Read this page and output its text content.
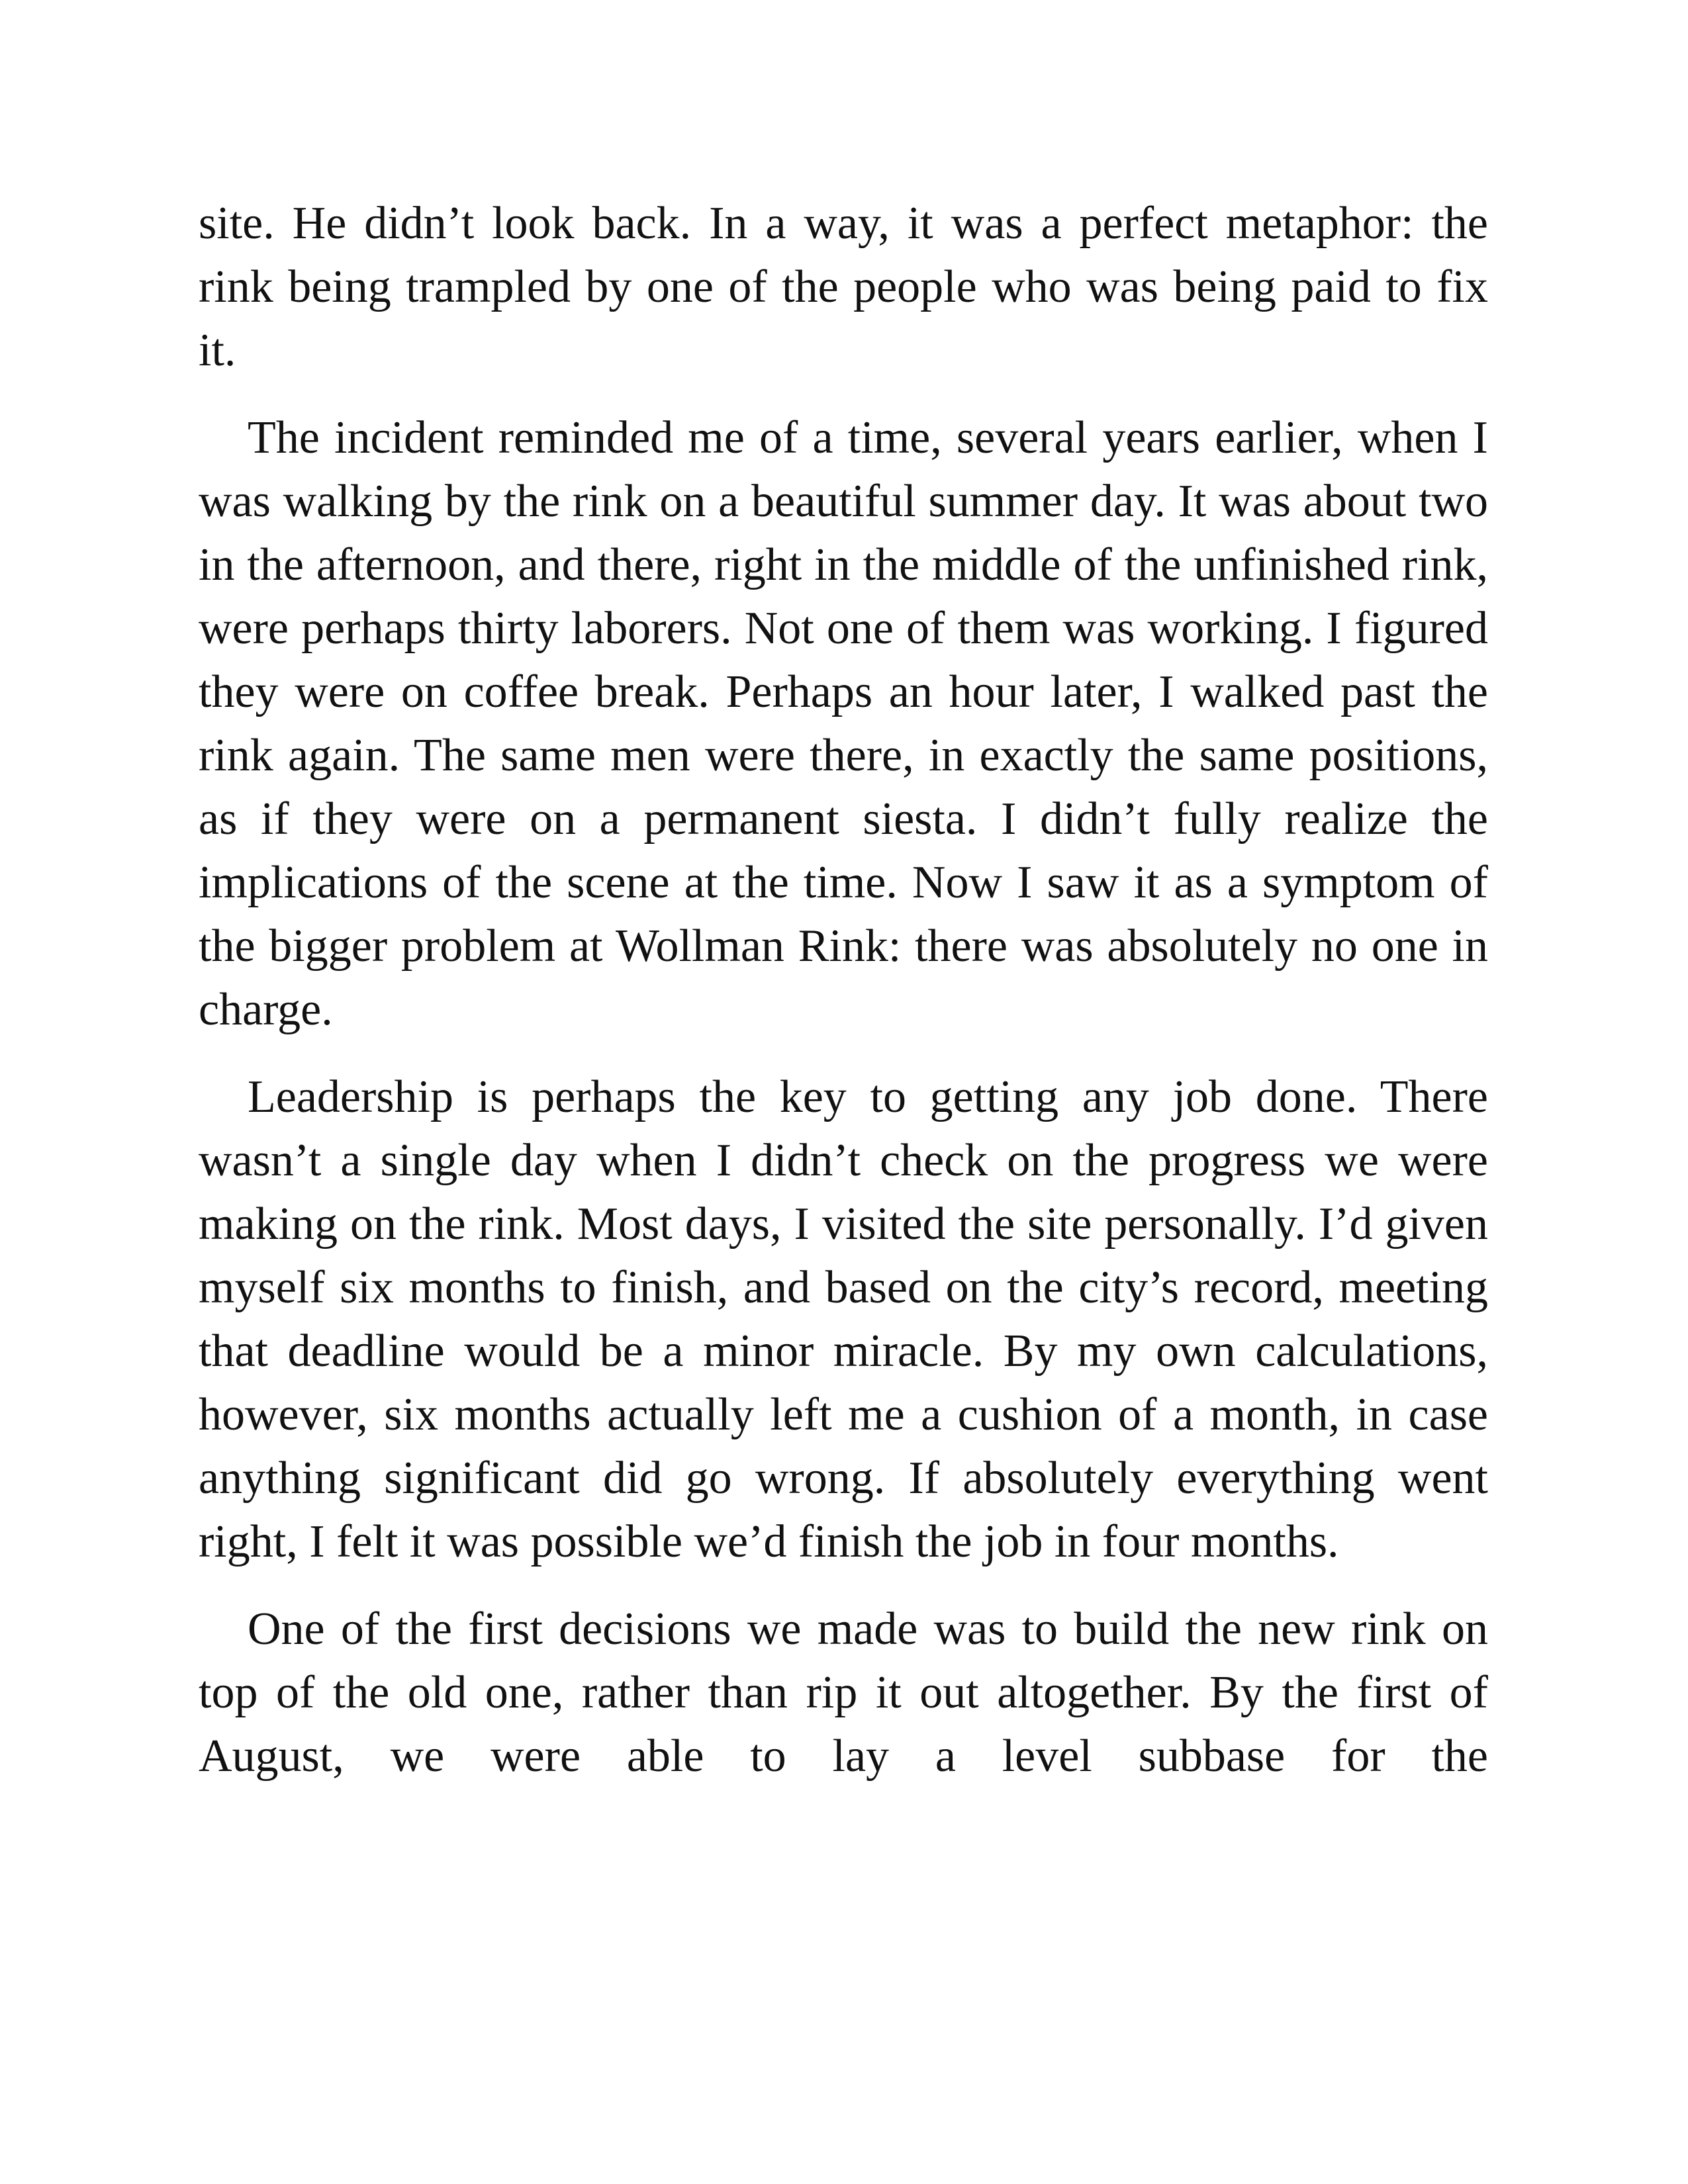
site. He didn’t look back. In a way, it was a perfect metaphor: the rink being trampled by one of the people who was being paid to fix it.

The incident reminded me of a time, several years earlier, when I was walking by the rink on a beautiful summer day. It was about two in the afternoon, and there, right in the middle of the unfinished rink, were perhaps thirty laborers. Not one of them was working. I figured they were on coffee break. Perhaps an hour later, I walked past the rink again. The same men were there, in exactly the same positions, as if they were on a permanent siesta. I didn’t fully realize the implications of the scene at the time. Now I saw it as a symptom of the bigger problem at Wollman Rink: there was absolutely no one in charge.

Leadership is perhaps the key to getting any job done. There wasn’t a single day when I didn’t check on the progress we were making on the rink. Most days, I visited the site personally. I’d given myself six months to finish, and based on the city’s record, meeting that deadline would be a minor miracle. By my own calculations, however, six months actually left me a cushion of a month, in case anything significant did go wrong. If absolutely everything went right, I felt it was possible we’d finish the job in four months.

One of the first decisions we made was to build the new rink on top of the old one, rather than rip it out altogether. By the first of August, we were able to lay a level subbase for the
